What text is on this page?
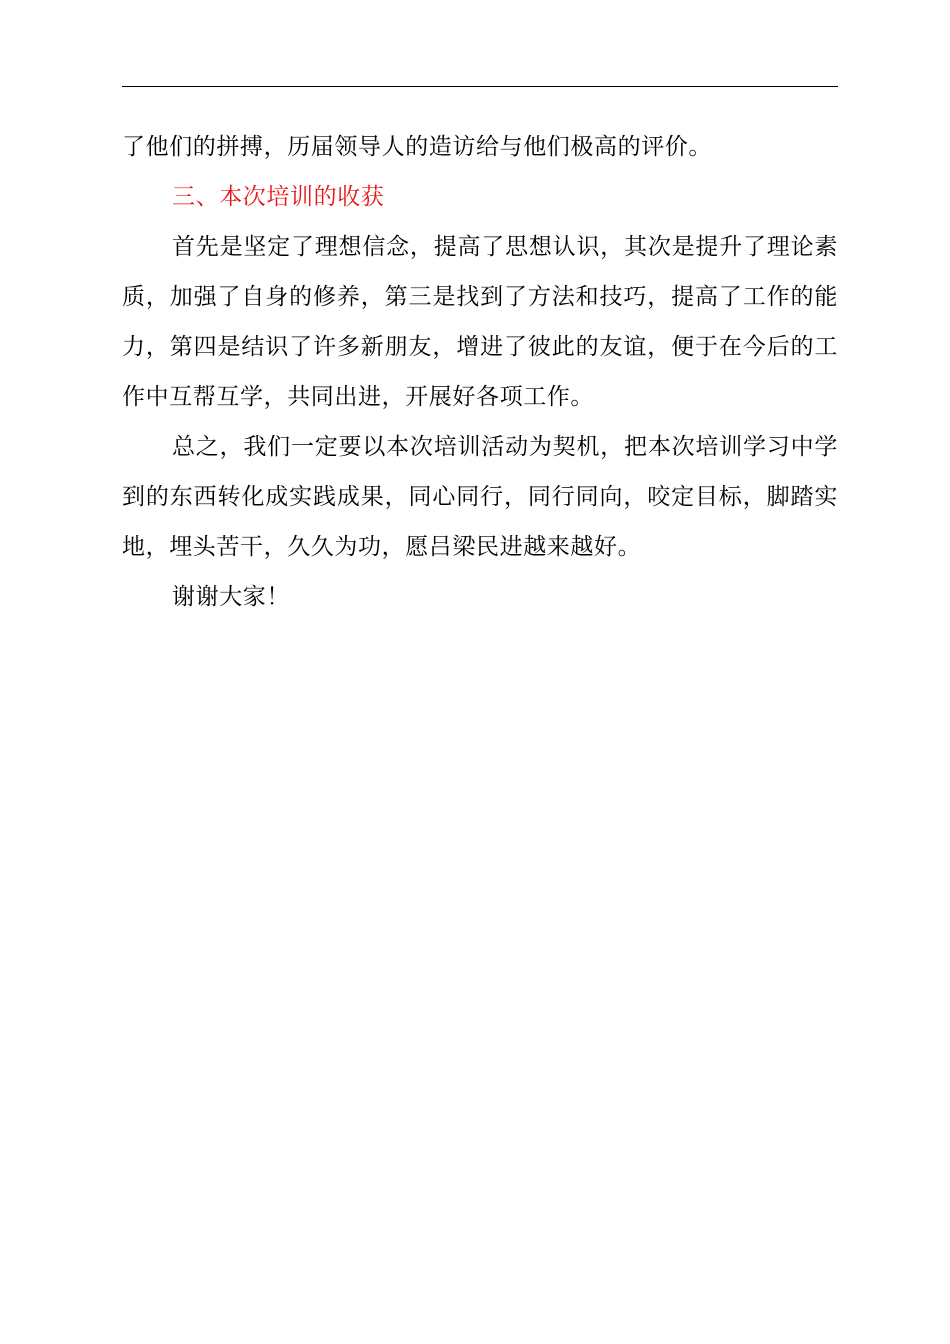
了他们的拼搏，历届领导人的造访给与他们极高的评价。

三、本次培训的收获

首先是坚定了理想信念，提高了思想认识，其次是提升了理论素质，加强了自身的修养，第三是找到了方法和技巧，提高了工作的能力，第四是结识了许多新朋友，增进了彼此的友谊，便于在今后的工作中互帮互学，共同出进，开展好各项工作。

总之，我们一定要以本次培训活动为契机，把本次培训学习中学到的东西转化成实践成果，同心同行，同行同向，咬定目标，脚踏实地，埋头苦干，久久为功，愿吕梁民进越来越好。

谢谢大家！
